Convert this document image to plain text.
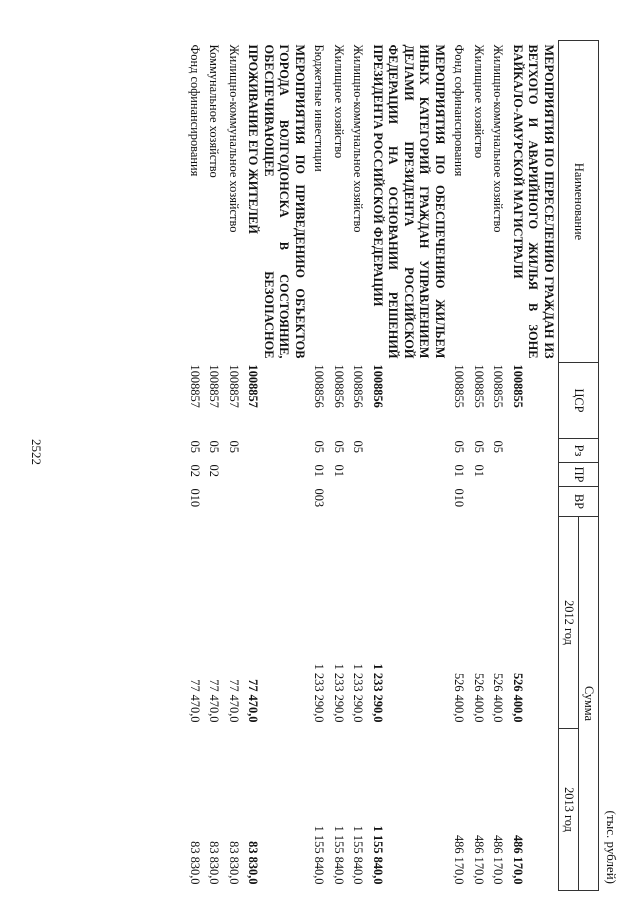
2522
(тыс. рублей)
Наименование	ЦСР	Рз	ПР	ВР	Сумма	
					2012 год	2013 год
МЕРОПРИЯТИЯ ПО ПЕРЕСЕЛЕНИЮ ГРАЖДАН ИЗ ВЕТХОГО И АВАРИЙНОГО ЖИЛЬЯ В ЗОНЕ БАЙКАЛО-АМУРСКОЙ МАГИСТРАЛИ	1008855				526 400,0	486 170,0
Жилищно-коммунальное хозяйство	1008855	05			526 400,0	486 170,0
Жилищное хозяйство	1008855	05	01		526 400,0	486 170,0
Фонд софинансирования	1008855	05	01	010	526 400,0	486 170,0
МЕРОПРИЯТИЯ ПО ОБЕСПЕЧЕНИЮ ЖИЛЬЕМ ИНЫХ КАТЕГОРИЙ ГРАЖДАН УПРАВЛЕНИЕМ ДЕЛАМИ ПРЕЗИДЕНТА РОССИЙСКОЙ ФЕДЕРАЦИИ НА ОСНОВАНИИ РЕШЕНИЙ ПРЕЗИДЕНТА РОССИЙСКОЙ ФЕДЕРАЦИИ	1008856				1 233 290,0	1 155 840,0
Жилищно-коммунальное хозяйство	1008856	05			1 233 290,0	1 155 840,0
Жилищное хозяйство	1008856	05	01		1 233 290,0	1 155 840,0
Бюджетные инвестиции	1008856	05	01	003	1 233 290,0	1 155 840,0
МЕРОПРИЯТИЯ ПО ПРИВЕДЕНИЮ ОБЪЕКТОВ ГОРОДА ВОЛГОДОНСКА В СОСТОЯНИЕ, ОБЕСПЕЧИВАЮЩЕЕ БЕЗОПАСНОЕ ПРОЖИВАНИЕ ЕГО ЖИТЕЛЕЙ	1008857				77 470,0	83 830,0
Жилищно-коммунальное хозяйство	1008857	05			77 470,0	83 830,0
Коммунальное хозяйство	1008857	05	02		77 470,0	83 830,0
Фонд софинансирования	1008857	05	02	010	77 470,0	83 830,0
